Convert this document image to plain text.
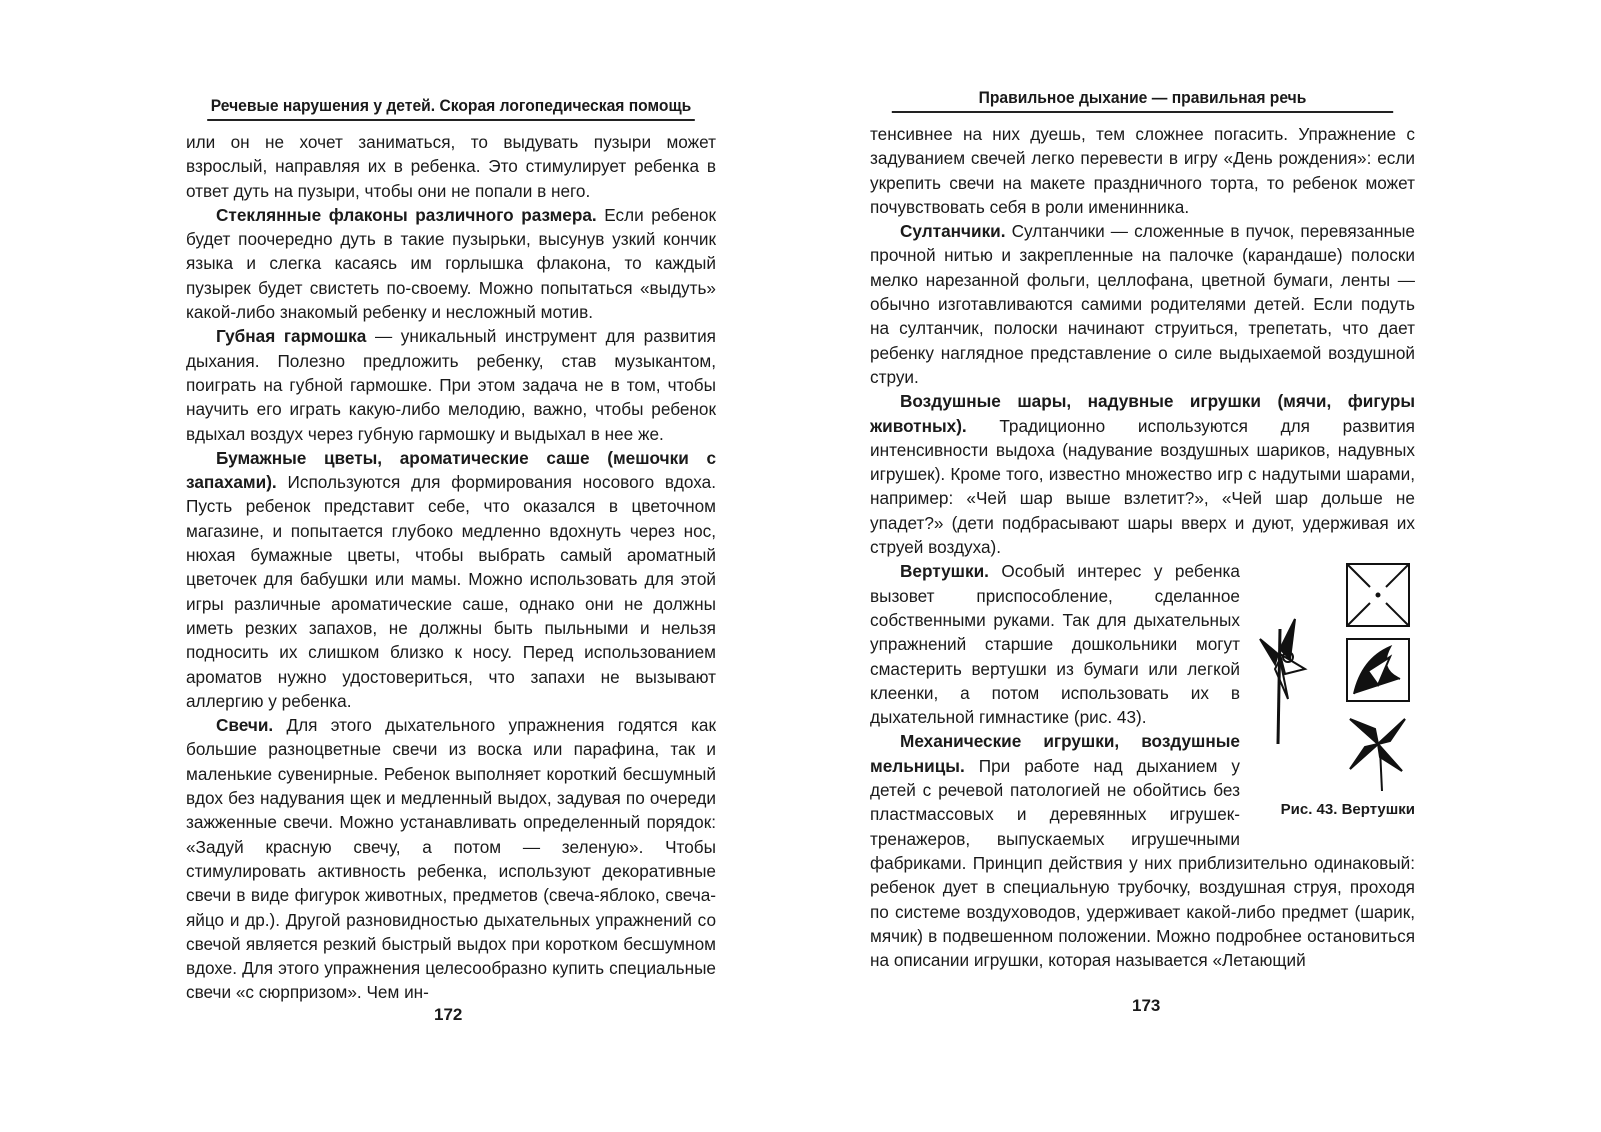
Речевые нарушения у детей. Скорая логопедическая помощь

или он не хочет заниматься, то выдувать пузыри может взрослый, направляя их в ребенка. Это стимулирует ребенка в ответ дуть на пузыри, чтобы они не попали в него.

Стеклянные флаконы различного размера. Если ребенок будет поочередно дуть в такие пузырьки, высунув узкий кончик языка и слегка касаясь им горлышка флакона, то каждый пузырек будет свистеть по-своему. Можно попытаться «выдуть» какой-либо знакомый ребенку и несложный мотив.

Губная гармошка — уникальный инструмент для развития дыхания. Полезно предложить ребенку, став музыкантом, поиграть на губной гармошке. При этом задача не в том, чтобы научить его играть какую-либо мелодию, важно, чтобы ребенок вдыхал воздух через губную гармошку и выдыхал в нее же.

Бумажные цветы, ароматические саше (мешочки с запахами). Используются для формирования носового вдоха. Пусть ребенок представит себе, что оказался в цветочном магазине, и попытается глубоко медленно вдохнуть через нос, нюхая бумажные цветы, чтобы выбрать самый ароматный цветочек для бабушки или мамы. Можно использовать для этой игры различные ароматические саше, однако они не должны иметь резких запахов, не должны быть пыльными и нельзя подносить их слишком близко к носу. Перед использованием ароматов нужно удостовериться, что запахи не вызывают аллергию у ребенка.

Свечи. Для этого дыхательного упражнения годятся как большие разноцветные свечи из воска или парафина, так и маленькие сувенирные. Ребенок выполняет короткий бесшумный вдох без надувания щек и медленный выдох, задувая по очереди зажженные свечи. Можно устанавливать определенный порядок: «Задуй красную свечу, а потом — зеленую». Чтобы стимулировать активность ребенка, используют декоративные свечи в виде фигурок животных, предметов (свеча-яблоко, свеча-яйцо и др.). Другой разновидностью дыхательных упражнений со свечой является резкий быстрый выдох при коротком бесшумном вдохе. Для этого упражнения целесообразно купить специальные свечи «с сюрпризом». Чем ин-

172
Правильное дыхание — правильная речь

тенсивнее на них дуешь, тем сложнее погасить. Упражнение с задуванием свечей легко перевести в игру «День рождения»: если укрепить свечи на макете праздничного торта, то ребенок может почувствовать себя в роли именинника.

Султанчики. Султанчики — сложенные в пучок, перевязанные прочной нитью и закрепленные на палочке (карандаше) полоски мелко нарезанной фольги, целлофана, цветной бумаги, ленты — обычно изготавливаются самими родителями детей. Если подуть на султанчик, полоски начинают струиться, трепетать, что дает ребенку наглядное представление о силе выдыхаемой воздушной струи.

Воздушные шары, надувные игрушки (мячи, фигуры животных). Традиционно используются для развития интенсивности выдоха (надувание воздушных шариков, надувных игрушек). Кроме того, известно множество игр с надутыми шарами, например: «Чей шар выше взлетит?», «Чей шар дольше не упадет?» (дети подбрасывают шары вверх и дуют, удерживая их струей воздуха).

Рис. 43. Вертушки

Вертушки. Особый интерес у ребенка вызовет приспособление, сделанное собственными руками. Так для дыхательных упражнений старшие дошкольники могут смастерить вертушки из бумаги или легкой клеенки, а потом использовать их в дыхательной гимнастике (рис. 43).

Механические игрушки, воздушные мельницы. При работе над дыханием у детей с речевой патологией не обойтись без пластмассовых и деревянных игрушек-тренажеров, выпускаемых игрушечными фабриками. Принцип действия у них приблизительно одинаковый: ребенок дует в специальную трубочку, воздушная струя, проходя по системе воздуховодов, удерживает какой-либо предмет (шарик, мячик) в подвешенном положении. Можно подробнее остановиться на описании игрушки, которая называется «Летающий

173
